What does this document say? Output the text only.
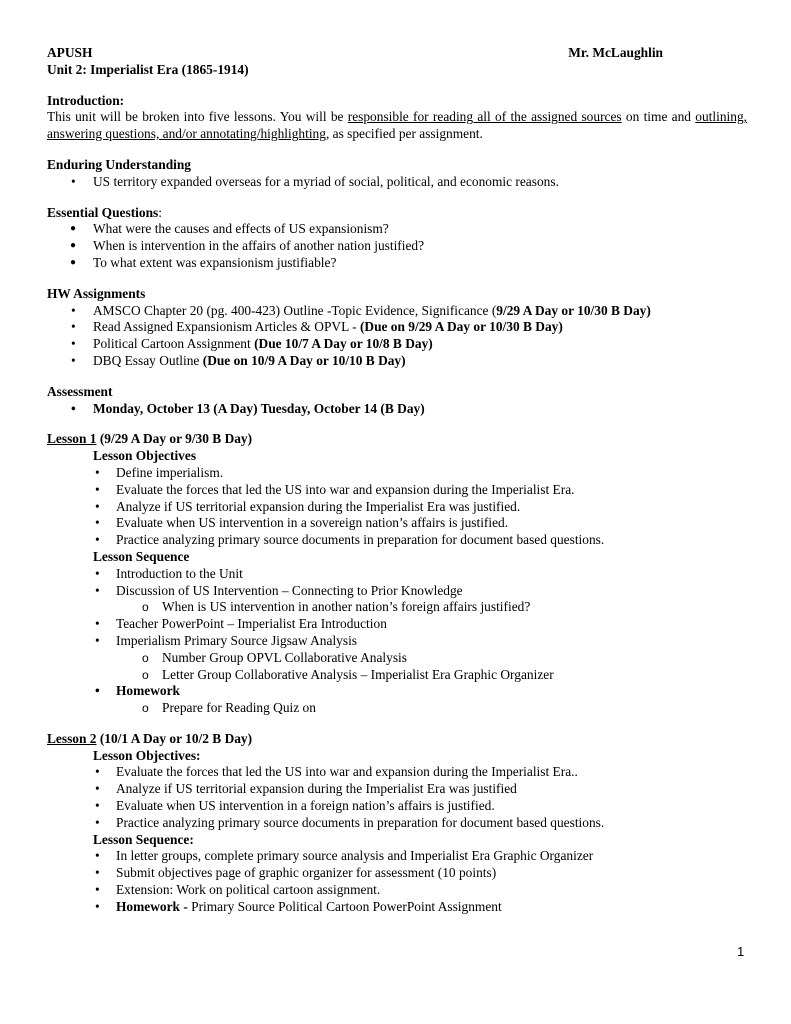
APUSH	Mr. McLaughlin
Unit 2: Imperialist Era (1865-1914)
Introduction:
This unit will be broken into five lessons. You will be responsible for reading all of the assigned sources on time and outlining, answering questions, and/or annotating/highlighting, as specified per assignment.
Enduring Understanding
• US territory expanded overseas for a myriad of social, political, and economic reasons.
Essential Questions:
● What were the causes and effects of US expansionism?
● When is intervention in the affairs of another nation justified?
● To what extent was expansionism justifiable?
HW Assignments
• AMSCO Chapter 20 (pg. 400-423) Outline -Topic Evidence, Significance (9/29 A Day or 10/30 B Day)
• Read Assigned Expansionism Articles & OPVL - (Due on 9/29 A Day or 10/30 B Day)
• Political Cartoon Assignment (Due 10/7 A Day or 10/8 B Day)
• DBQ Essay Outline (Due on 10/9 A Day or 10/10 B Day)
Assessment
• Monday, October 13 (A Day) Tuesday, October 14 (B Day)
Lesson 1 (9/29 A Day or 9/30 B Day)
Lesson Objectives
• Define imperialism.
• Evaluate the forces that led the US into war and expansion during the Imperialist Era.
• Analyze if US territorial expansion during the Imperialist Era was justified.
• Evaluate when US intervention in a sovereign nation’s affairs is justified.
• Practice analyzing primary source documents in preparation for document based questions.
Lesson Sequence
• Introduction to the Unit
• Discussion of US Intervention – Connecting to Prior Knowledge
o When is US intervention in another nation’s foreign affairs justified?
• Teacher PowerPoint – Imperialist Era Introduction
• Imperialism Primary Source Jigsaw Analysis
o Number Group OPVL Collaborative Analysis
o Letter Group Collaborative Analysis – Imperialist Era Graphic Organizer
• Homework
o Prepare for Reading Quiz on
Lesson 2 (10/1 A Day or 10/2 B Day)
Lesson Objectives:
• Evaluate the forces that led the US into war and expansion during the Imperialist Era..
• Analyze if US territorial expansion during the Imperialist Era was justified
• Evaluate when US intervention in a foreign nation’s affairs is justified.
• Practice analyzing primary source documents in preparation for document based questions.
Lesson Sequence:
• In letter groups, complete primary source analysis and Imperialist Era Graphic Organizer
• Submit objectives page of graphic organizer for assessment (10 points)
• Extension: Work on political cartoon assignment.
• Homework - Primary Source Political Cartoon PowerPoint Assignment
1
